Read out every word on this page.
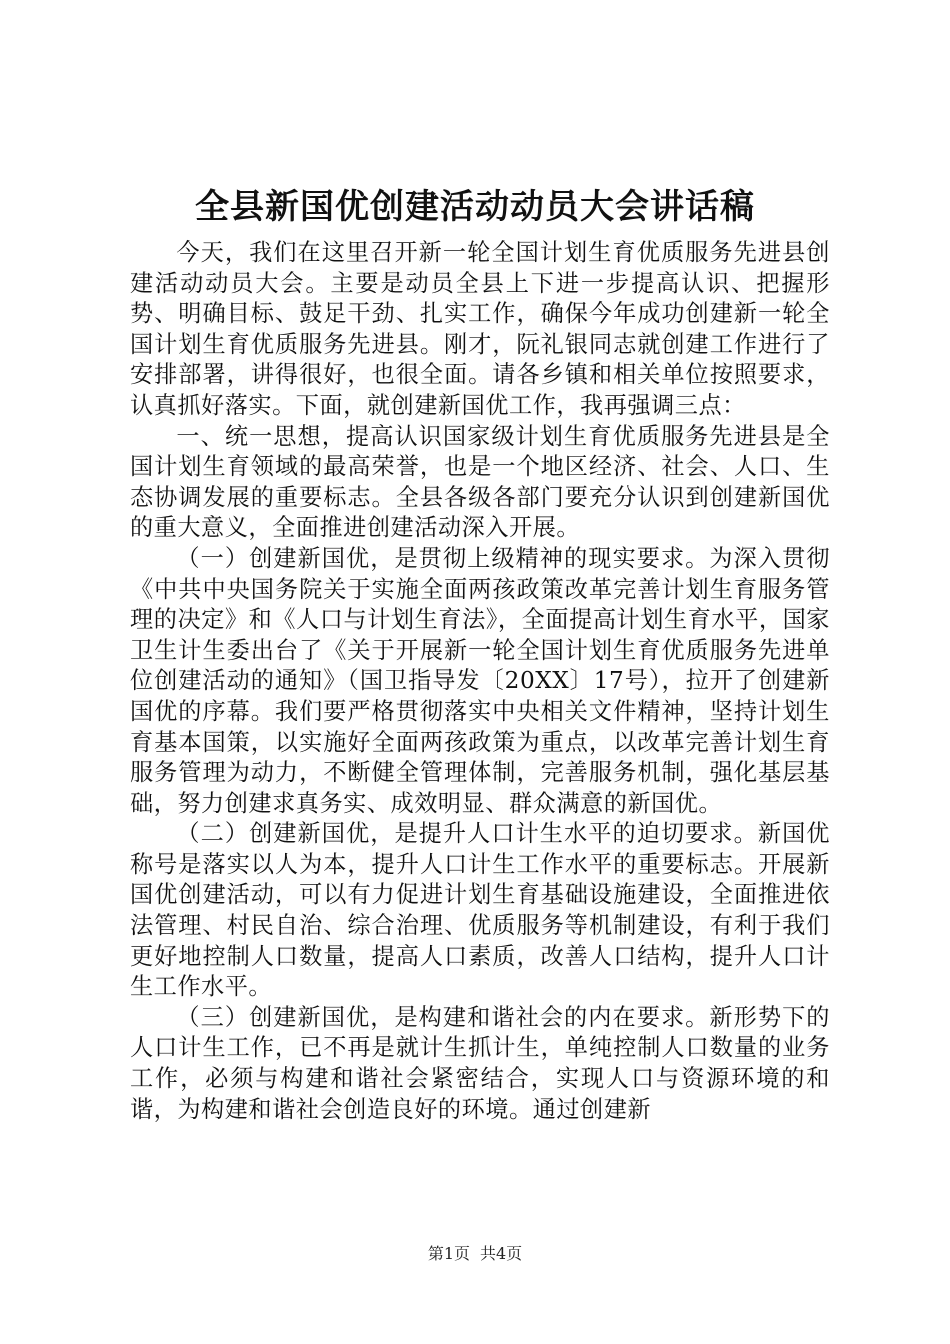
全县新国优创建活动动员大会讲话稿

今天，我们在这里召开新一轮全国计划生育优质服务先进县创建活动动员大会。主要是动员全县上下进一步提高认识、把握形势、明确目标、鼓足干劲、扎实工作，确保今年成功创建新一轮全国计划生育优质服务先进县。刚才，阮礼银同志就创建工作进行了安排部署，讲得很好，也很全面。请各乡镇和相关单位按照要求，认真抓好落实。下面，就创建新国优工作，我再强调三点：

一、统一思想，提高认识国家级计划生育优质服务先进县是全国计划生育领域的最高荣誉，也是一个地区经济、社会、人口、生态协调发展的重要标志。全县各级各部门要充分认识到创建新国优的重大意义，全面推进创建活动深入开展。

（一）创建新国优，是贯彻上级精神的现实要求。为深入贯彻《中共中央国务院关于实施全面两孩政策改革完善计划生育服务管理的决定》和《人口与计划生育法》，全面提高计划生育水平，国家卫生计生委出台了《关于开展新一轮全国计划生育优质服务先进单位创建活动的通知》（国卫指导发〔20XX〕17号），拉开了创建新国优的序幕。我们要严格贯彻落实中央相关文件精神，坚持计划生育基本国策，以实施好全面两孩政策为重点，以改革完善计划生育服务管理为动力，不断健全管理体制，完善服务机制，强化基层基础，努力创建求真务实、成效明显、群众满意的新国优。

（二）创建新国优，是提升人口计生水平的迫切要求。新国优称号是落实以人为本，提升人口计生工作水平的重要标志。开展新国优创建活动，可以有力促进计划生育基础设施建设，全面推进依法管理、村民自治、综合治理、优质服务等机制建设，有利于我们更好地控制人口数量，提高人口素质，改善人口结构，提升人口计生工作水平。

（三）创建新国优，是构建和谐社会的内在要求。新形势下的人口计生工作，已不再是就计生抓计生，单纯控制人口数量的业务工作，必须与构建和谐社会紧密结合，实现人口与资源环境的和谐，为构建和谐社会创造良好的环境。通过创建新

第1页 共4页
